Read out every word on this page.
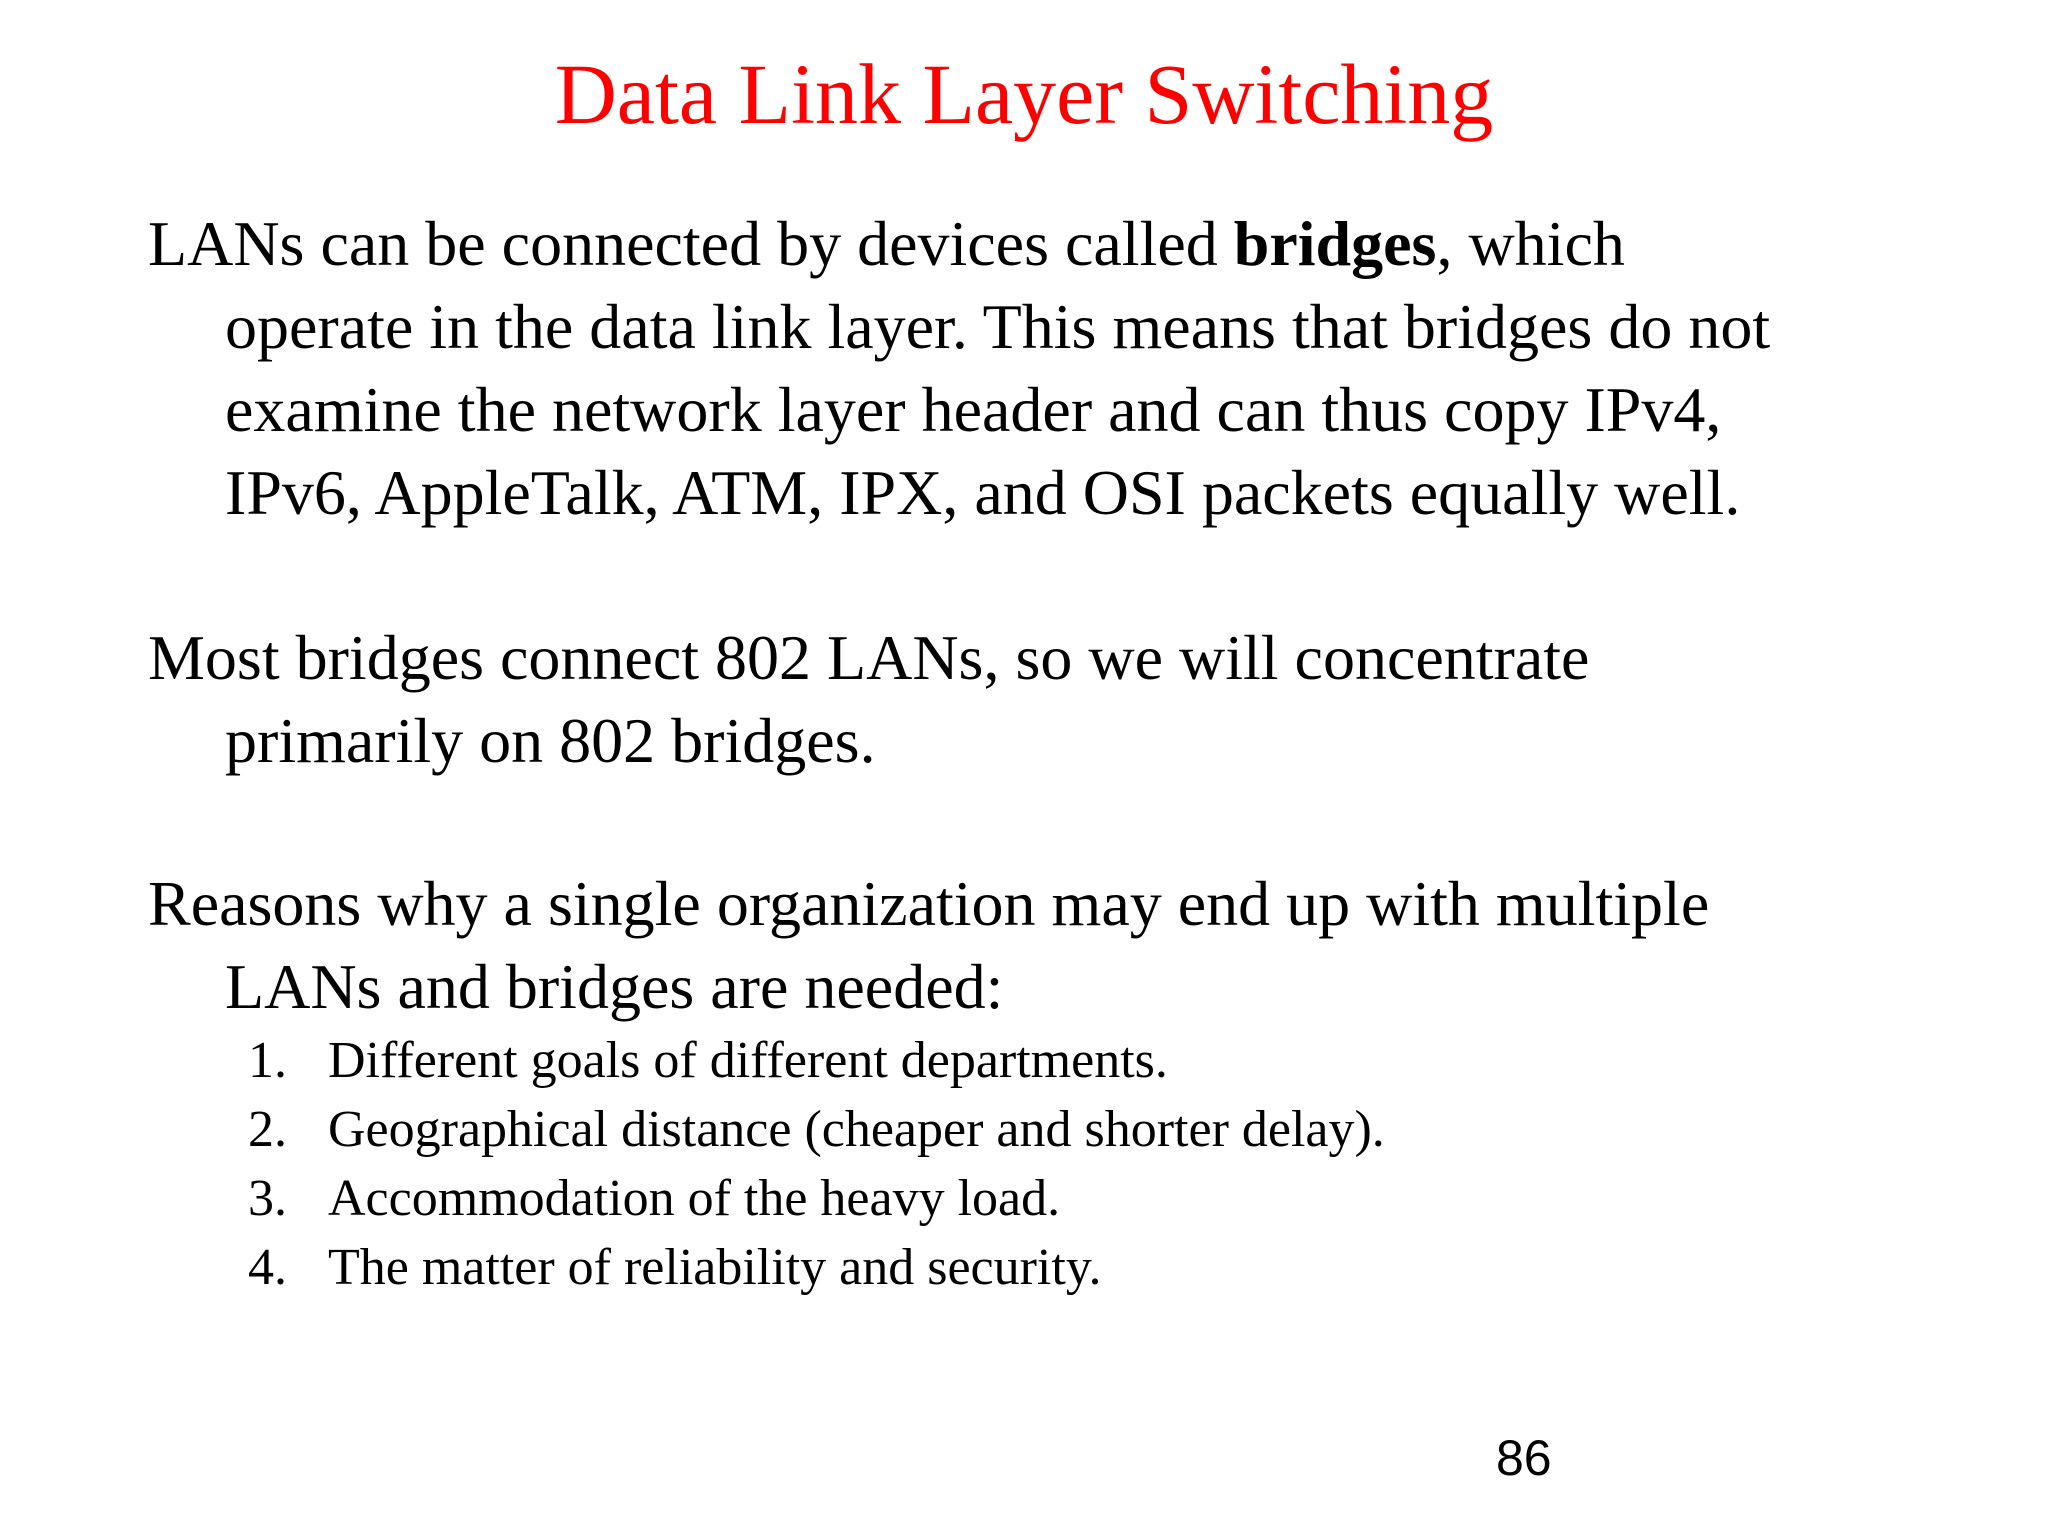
Data Link Layer Switching
LANs can be connected by devices called bridges, which
operate in the data link layer. This means that bridges do not
examine the network layer header and can thus copy IPv4,
IPv6, AppleTalk, ATM, IPX, and OSI packets equally well.
Most bridges connect 802 LANs, so we will concentrate
primarily on 802 bridges.
Reasons why a single organization may end up with multiple
LANs and bridges are needed:
1. Different goals of different departments.
2. Geographical distance (cheaper and shorter delay).
3. Accommodation of the heavy load.
4. The matter of reliability and security.
86
